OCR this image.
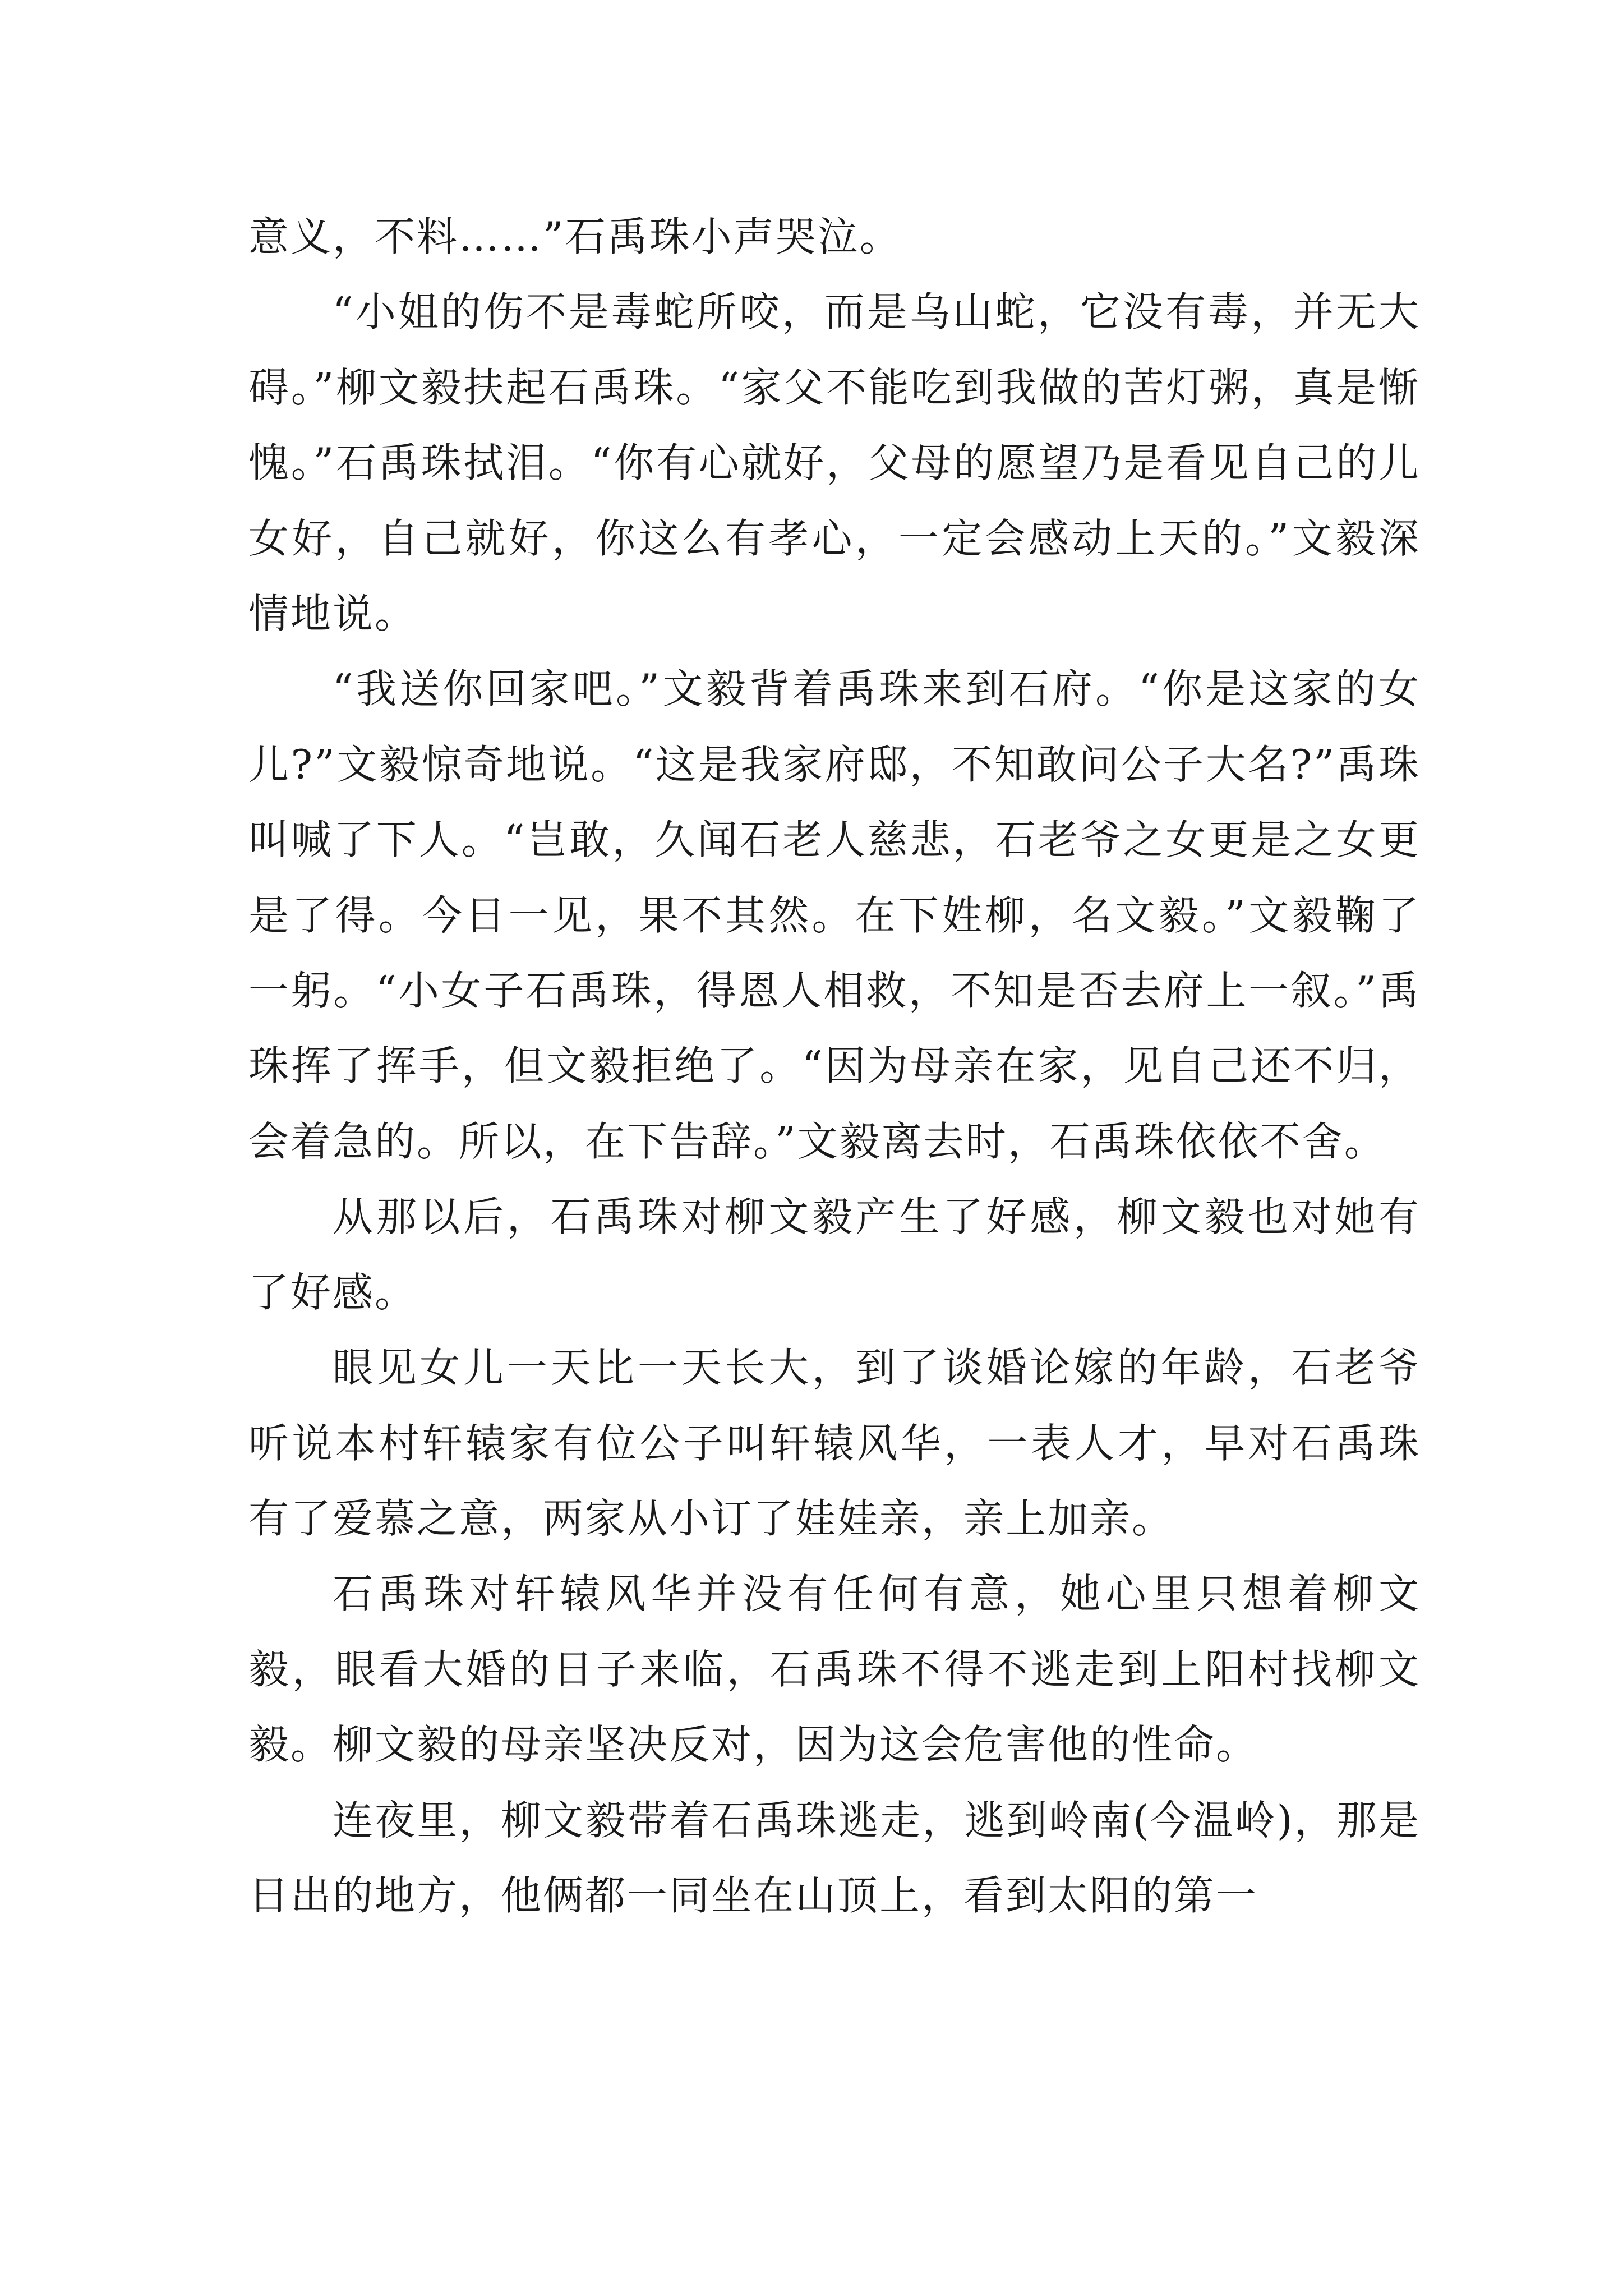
意义，不料……”石禹珠小声哭泣。

“小姐的伤不是毒蛇所咬，而是乌山蛇，它没有毒，并无大碍。”柳文毅扶起石禹珠。“家父不能吃到我做的苦灯粥，真是惭愧。”石禹珠拭泪。“你有心就好，父母的愿望乃是看见自己的儿女好，自己就好，你这么有孝心，一定会感动上天的。”文毅深情地说。

“我送你回家吧。”文毅背着禹珠来到石府。“你是这家的女儿?”文毅惊奇地说。“这是我家府邸，不知敢问公子大名?”禹珠叫喊了下人。“岂敢，久闻石老人慈悲，石老爷之女更是之女更是了得。今日一见，果不其然。在下姓柳，名文毅。”文毅鞠了一躬。“小女子石禹珠，得恩人相救，不知是否去府上一叙。”禹珠挥了挥手，但文毅拒绝了。“因为母亲在家，见自己还不归，会着急的。所以，在下告辞。”文毅离去时，石禹珠依依不舍。

从那以后，石禹珠对柳文毅产生了好感，柳文毅也对她有了好感。

眼见女儿一天比一天长大，到了谈婚论嫁的年龄，石老爷听说本村轩辕家有位公子叫轩辕风华，一表人才，早对石禹珠有了爱慕之意，两家从小订了娃娃亲，亲上加亲。

石禹珠对轩辕风华并没有任何有意，她心里只想着柳文毅，眼看大婚的日子来临，石禹珠不得不逃走到上阳村找柳文毅。柳文毅的母亲坚决反对，因为这会危害他的性命。

连夜里，柳文毅带着石禹珠逃走，逃到岭南(今温岭)，那是日出的地方，他俩都一同坐在山顶上，看到太阳的第一
